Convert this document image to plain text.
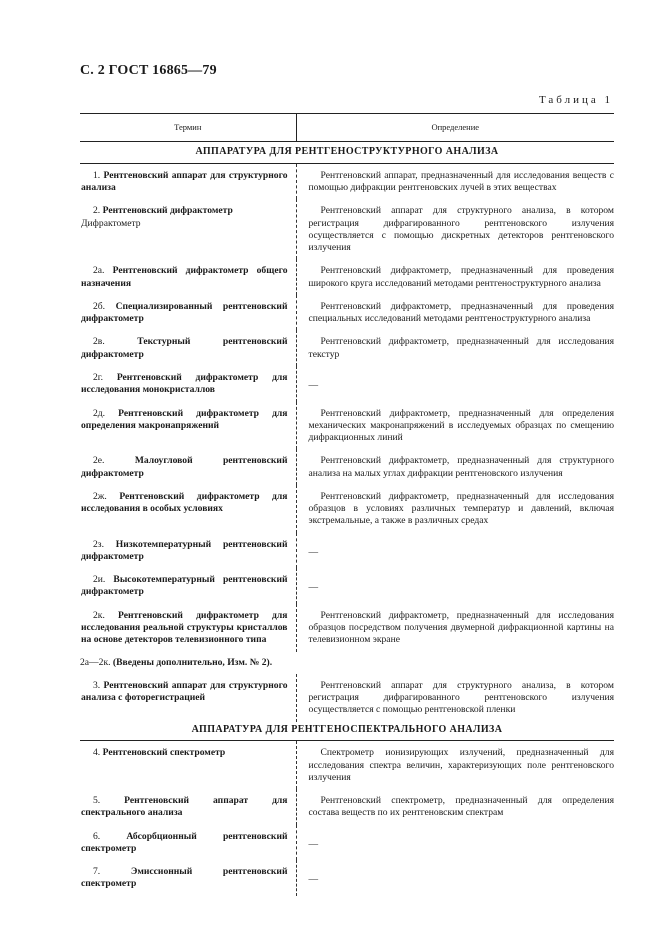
С. 2 ГОСТ 16865—79
Таблица 1
Термин	Определение
АППАРАТУРА ДЛЯ РЕНТГЕНОСТРУКТУРНОГО АНАЛИЗА	
1. Рентгеновский аппарат для структурного анализа	Рентгеновский аппарат, предназначенный для исследования веществ с помощью дифракции рентгеновских лучей в этих веществах
2. Рентгеновский дифрактометр
Дифрактометр	Рентгеновский аппарат для структурного анализа, в котором регистрация дифрагированного рентгеновского излучения осуществляется с помощью дискретных детекторов рентгеновского излучения
2а. Рентгеновский дифрактометр общего назначения	Рентгеновский дифрактометр, предназначенный для проведения широкого круга исследований методами рентгеноструктурного анализа
2б. Специализированный рентгеновский дифрактометр	Рентгеновский дифрактометр, предназначенный для проведения специальных исследований методами рентгеноструктурного анализа
2в. Текстурный рентгеновский дифрактометр	Рентгеновский дифрактометр, предназначенный для исследования текстур
2г. Рентгеновский дифрактометр для исследования монокристаллов	—
2д. Рентгеновский дифрактометр для определения макронапряжений	Рентгеновский дифрактометр, предназначенный для определения механических макронапряжений в исследуемых образцах по смещению дифракционных линий
2е. Малоугловой рентгеновский дифрактометр	Рентгеновский дифрактометр, предназначенный для структурного анализа на малых углах дифракции рентгеновского излучения
2ж. Рентгеновский дифрактометр для исследования в особых условиях	Рентгеновский дифрактометр, предназначенный для исследования образцов в условиях различных температур и давлений, включая экстремальные, а также в различных средах
2з. Низкотемпературный рентгеновский дифрактометр	—
2и. Высокотемпературный рентгеновский дифрактометр	—
2к. Рентгеновский дифрактометр для исследования реальной структуры кристаллов на основе детекторов телевизионного типа	Рентгеновский дифрактометр, предназначенный для исследования образцов посредством получения двумерной дифракционной картины на телевизионном экране
2а—2к. (Введены дополнительно, Изм. № 2).	
3. Рентгеновский аппарат для структурного анализа с фоторегистрацией	Рентгеновский аппарат для структурного анализа, в котором регистрация дифрагированного рентгеновского излучения осуществляется с помощью рентгеновской пленки
АППАРАТУРА ДЛЯ РЕНТГЕНОСПЕКТРАЛЬНОГО АНАЛИЗА	
4. Рентгеновский спектрометр	Спектрометр ионизирующих излучений, предназначенный для исследования спектра величин, характеризующих поле рентгеновского излучения
5. Рентгеновский аппарат для спектрального анализа	Рентгеновский спектрометр, предназначенный для определения состава веществ по их рентгеновским спектрам
6. Абсорбционный рентгеновский спектрометр	—
7. Эмиссионный рентгеновский спектрометр	—
